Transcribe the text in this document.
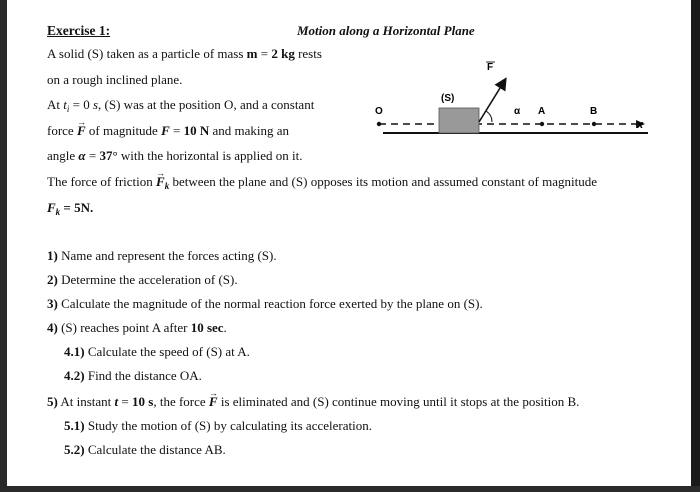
Exercise 1:	Motion along a Horizontal Plane
A solid (S) taken as a particle of mass m = 2 kg rests
on a rough inclined plane.
At $t_i = 0$ s, (S) was at the position O, and a constant
force → F of magnitude F = 10 N and making an
angle α = 37° with the horizontal is applied on it.
The force of friction → $F_k$ between the plane and (S) opposes its motion and assumed constant of magnitude
$F_k = 5N$.
1) Name and represent the forces acting (S).
2) Determine the acceleration of (S).
3) Calculate the magnitude of the normal reaction force exerted by the plane on (S).
4) (S) reaches point A after 10 sec.
4.1) Calculate the speed of (S) at A.
4.2) Find the distance OA.
5) At instant t = 10 s, the force → F is eliminated and (S) continue moving until it stops at the position B.
5.1) Study the motion of (S) by calculating its acceleration.
5.2) Calculate the distance AB.
F
(S)
O	α A	B
x
